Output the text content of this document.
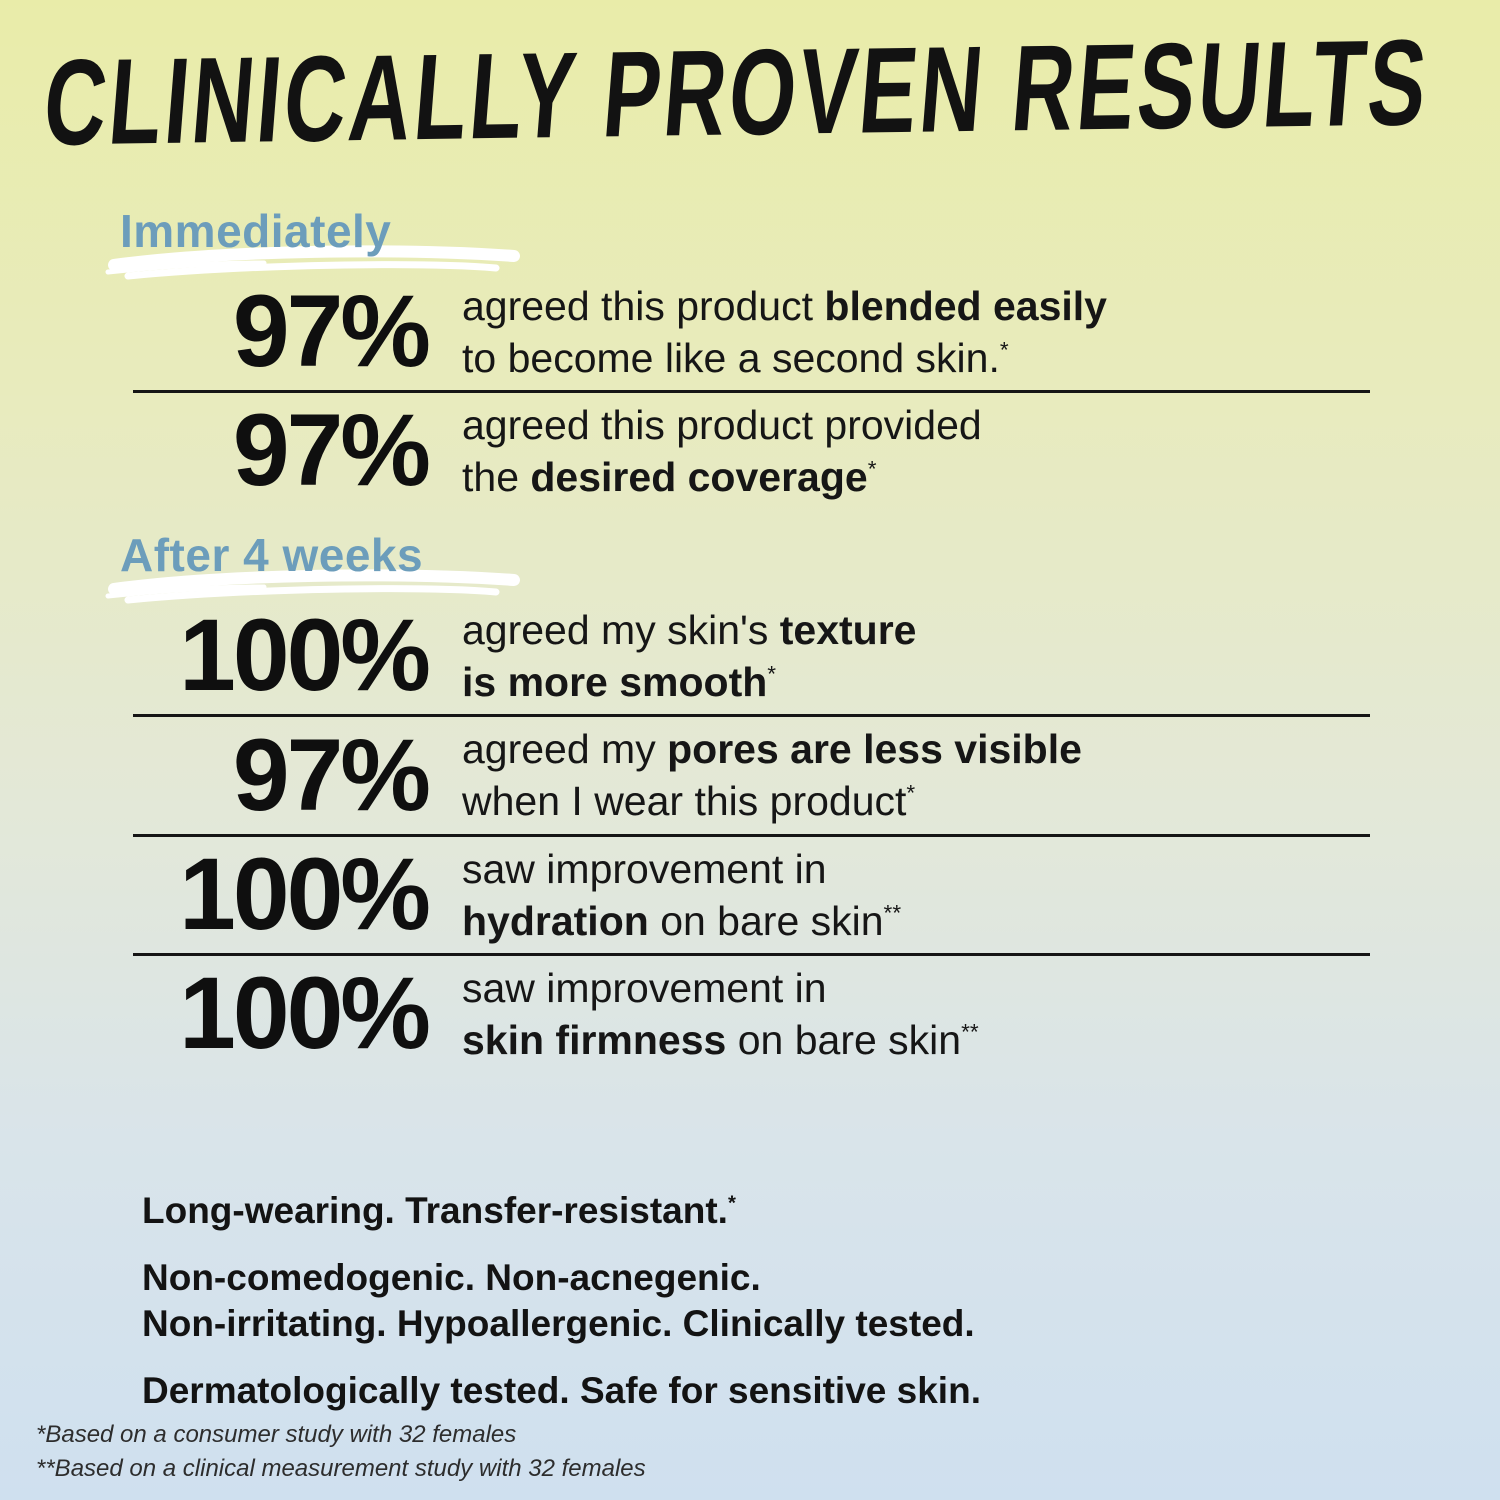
CLINICALLY PROVEN RESULTS
Immediately
97% agreed this product blended easily
to become like a second skin.*
97% agreed this product provided
the desired coverage*
After 4 weeks
100% agreed my skin's texture
is more smooth*
97% agreed my pores are less visible
when I wear this product*
100% saw improvement in
hydration on bare skin**
100% saw improvement in
skin firmness on bare skin**
Long-wearing. Transfer-resistant.*
Non-comedogenic. Non-acnegenic.
Non-irritating. Hypoallergenic. Clinically tested.
Dermatologically tested. Safe for sensitive skin.
*Based on a consumer study with 32 females
**Based on a clinical measurement study with 32 females
